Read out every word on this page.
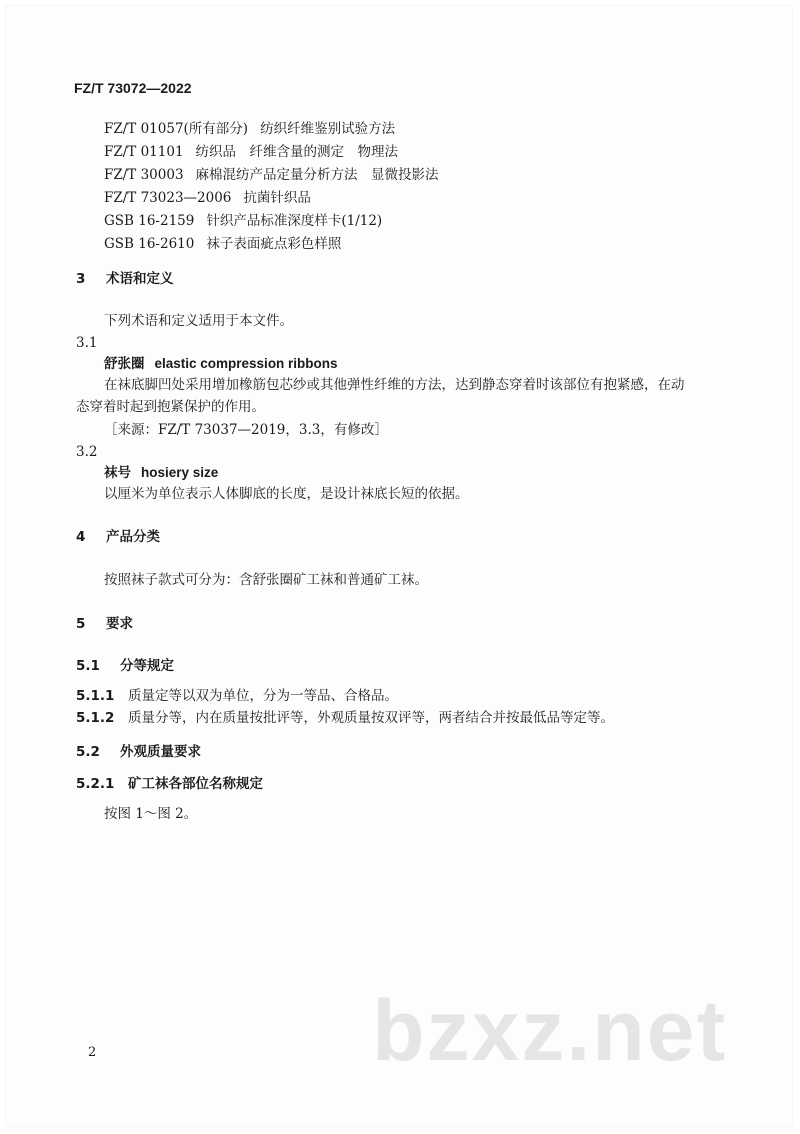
FZ/T 73072—2022
FZ/T 01057(所有部分) 纺织纤维鉴别试验方法
FZ/T 01101 纺织品　纤维含量的测定　物理法
FZ/T 30003 麻棉混纺产品定量分析方法　显微投影法
FZ/T 73023—2006 抗菌针织品
GSB 16-2159 针织产品标准深度样卡(1/12)
GSB 16-2610 袜子表面疵点彩色样照
3 术语和定义
下列术语和定义适用于本文件。
3.1
舒张圈 elastic compression ribbons
在袜底脚凹处采用增加橡筋包芯纱或其他弹性纤维的方法，达到静态穿着时该部位有抱紧感，在动
态穿着时起到抱紧保护的作用。
［来源：FZ/T 73037—2019，3.3，有修改］
3.2
袜号 hosiery size
以厘米为单位表示人体脚底的长度，是设计袜底长短的依据。
4 产品分类
按照袜子款式可分为：含舒张圈矿工袜和普通矿工袜。
5 要求
5.1 分等规定
5.1.1 质量定等以双为单位，分为一等品、合格品。
5.1.2 质量分等，内在质量按批评等，外观质量按双评等，两者结合并按最低品等定等。
5.2 外观质量要求
5.2.1 矿工袜各部位名称规定
按图 1～图 2。
bzxz.net
2
